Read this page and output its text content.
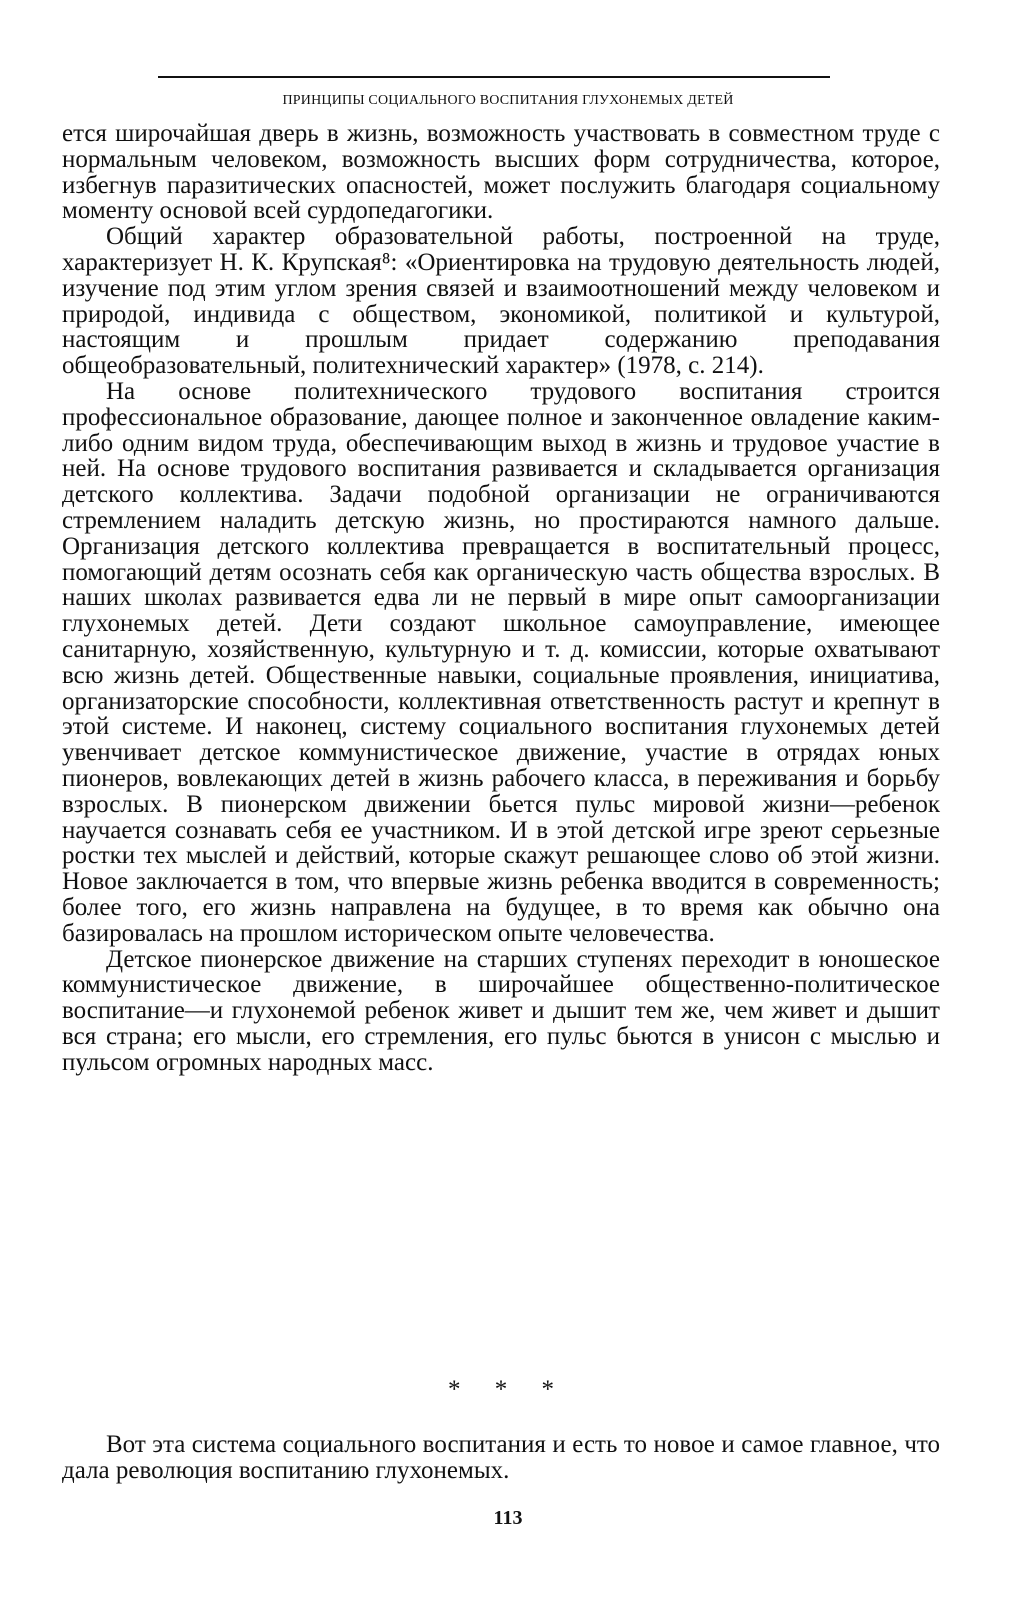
ПРИНЦИПЫ СОЦИАЛЬНОГО ВОСПИТАНИЯ ГЛУХОНЕМЫХ ДЕТЕЙ

ется широчайшая дверь в жизнь, возможность участвовать в совместном труде с нормальным человеком, возможность высших форм сотрудничества, которое, избегнув паразитических опасностей, может послужить благодаря социальному моменту основой всей сурдопедагогики.

Общий характер образовательной работы, построенной на труде, характеризует Н. К. Крупская⁸: «Ориентировка на трудовую деятельность людей, изучение под этим углом зрения связей и взаимоотношений между человеком и природой, индивида с обществом, экономикой, политикой и культурой, настоящим и прошлым придает содержанию преподавания общеобразовательный, политехнический характер» (1978, с. 214).

На основе политехнического трудового воспитания строится профессиональное образование, дающее полное и законченное овладение каким-либо одним видом труда, обеспечивающим выход в жизнь и трудовое участие в ней. На основе трудового воспитания развивается и складывается организация детского коллектива. Задачи подобной организации не ограничиваются стремлением наладить детскую жизнь, но простираются намного дальше. Организация детского коллектива превращается в воспитательный процесс, помогающий детям осознать себя как органическую часть общества взрослых. В наших школах развивается едва ли не первый в мире опыт самоорганизации глухонемых детей. Дети создают школьное самоуправление, имеющее санитарную, хозяйственную, культурную и т. д. комиссии, которые охватывают всю жизнь детей. Общественные навыки, социальные проявления, инициатива, организаторские способности, коллективная ответственность растут и крепнут в этой системе. И наконец, систему социального воспитания глухонемых детей увенчивает детское коммунистическое движение, участие в отрядах юных пионеров, вовлекающих детей в жизнь рабочего класса, в переживания и борьбу взрослых. В пионерском движении бьется пульс мировой жизни—ребенок научается сознавать себя ее участником. И в этой детской игре зреют серьезные ростки тех мыслей и действий, которые скажут решающее слово об этой жизни. Новое заключается в том, что впервые жизнь ребенка вводится в современность; более того, его жизнь направлена на будущее, в то время как обычно она базировалась на прошлом историческом опыте человечества.

Детское пионерское движение на старших ступенях переходит в юношеское коммунистическое движение, в широчайшее общественно-политическое воспитание—и глухонемой ребенок живет и дышит тем же, чем живет и дышит вся страна; его мысли, его стремления, его пульс бьются в унисон с мыслью и пульсом огромных народных масс.

* * *

Вот эта система социального воспитания и есть то новое и самое главное, что дала революция воспитанию глухонемых.

113
